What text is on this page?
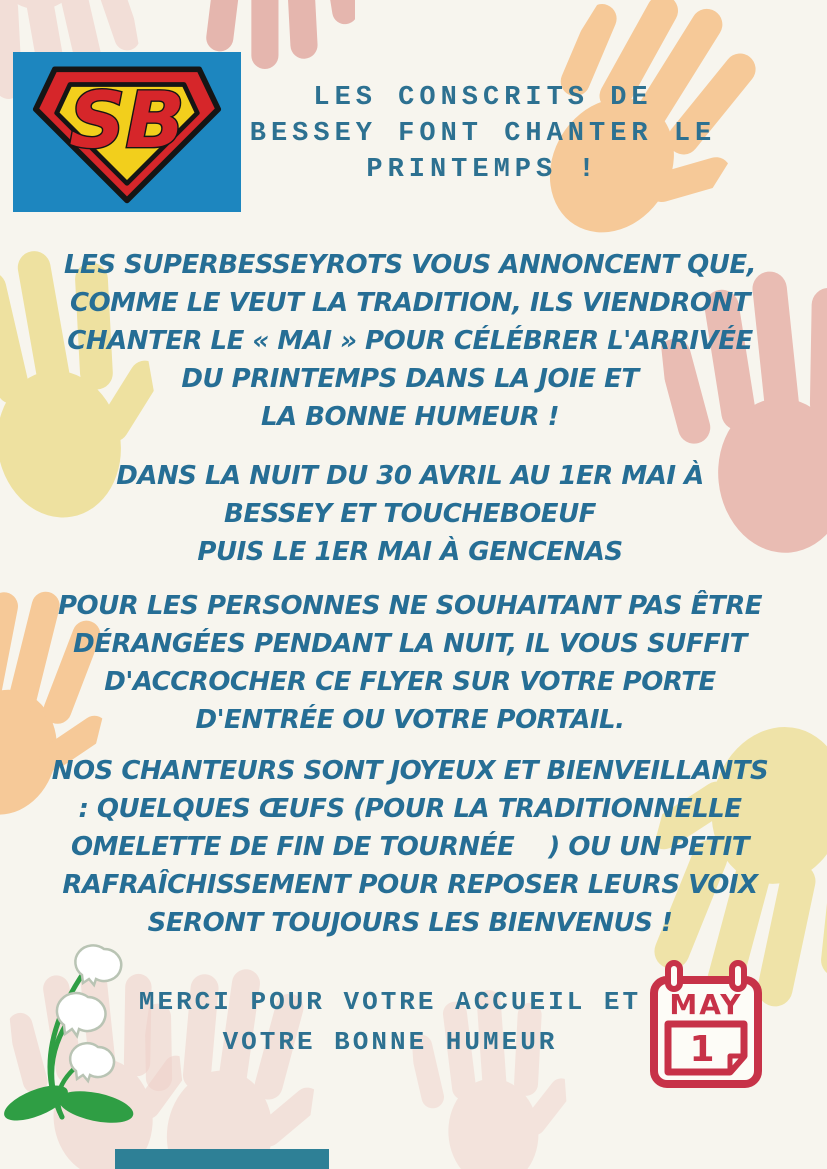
SB	LES CONSCRITS DE
BESSEY FONT CHANTER LE
PRINTEMPS !
LES SUPERBESSEYROTS VOUS ANNONCENT QUE,
COMME LE VEUT LA TRADITION, ILS VIENDRONT
CHANTER LE « MAI » POUR CÉLÉBRER L'ARRIVÉE
DU PRINTEMPS DANS LA JOIE ET
LA BONNE HUMEUR !
DANS LA NUIT DU 30 AVRIL AU 1ER MAI À
BESSEY ET TOUCHEBOEUF
PUIS LE 1ER MAI À GENCENAS
POUR LES PERSONNES NE SOUHAITANT PAS ÊTRE
DÉRANGÉES PENDANT LA NUIT, IL VOUS SUFFIT
D'ACCROCHER CE FLYER SUR VOTRE PORTE
D'ENTRÉE OU VOTRE PORTAIL.
NOS CHANTEURS SONT JOYEUX ET BIENVEILLANTS
: QUELQUES ŒUFS (POUR LA TRADITIONNELLE
OMELETTE DE FIN DE TOURNÉE    ) OU UN PETIT
RAFRAÎCHISSEMENT POUR REPOSER LEURS VOIX
SERONT TOUJOURS LES BIENVENUS !
MERCI POUR VOTRE ACCUEIL ET
VOTRE BONNE HUMEUR
MAY
1
